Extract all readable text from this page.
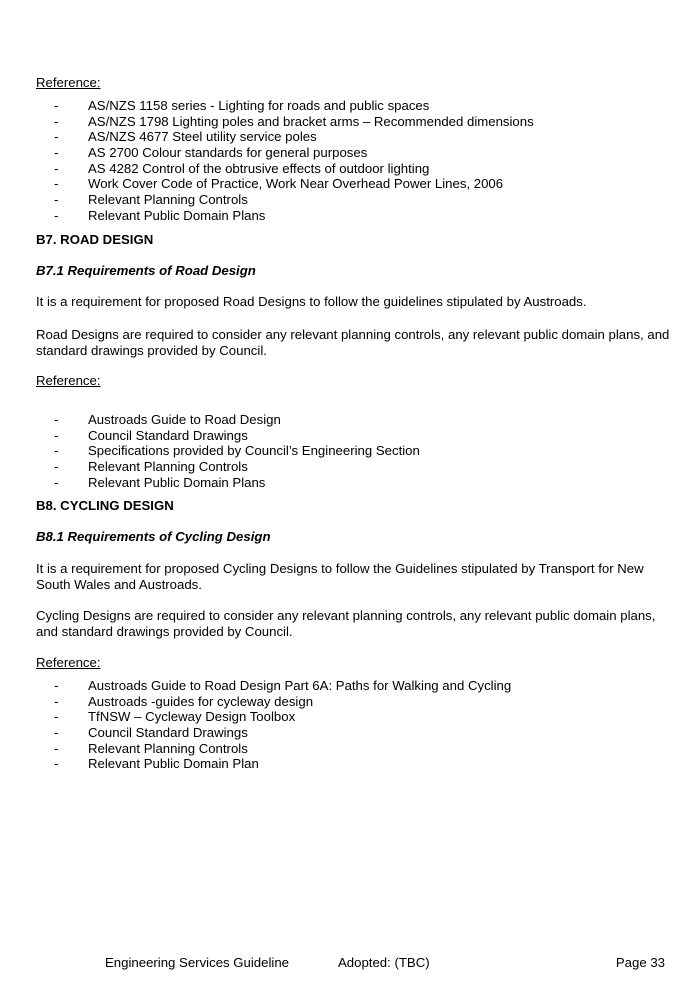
Reference:
- AS/NZS 1158 series - Lighting for roads and public spaces
- AS/NZS 1798 Lighting poles and bracket arms – Recommended dimensions
- AS/NZS 4677 Steel utility service poles
- AS 2700 Colour standards for general purposes
- AS 4282 Control of the obtrusive effects of outdoor lighting
- Work Cover Code of Practice, Work Near Overhead Power Lines, 2006
- Relevant Planning Controls
- Relevant Public Domain Plans
B7. ROAD DESIGN
B7.1 Requirements of Road Design

It is a requirement for proposed Road Designs to follow the guidelines stipulated by Austroads.

Road Designs are required to consider any relevant planning controls, any relevant public domain plans, and standard drawings provided by Council.

Reference:
- Austroads Guide to Road Design
- Council Standard Drawings
- Specifications provided by Council’s Engineering Section
- Relevant Planning Controls
- Relevant Public Domain Plans
B8. CYCLING DESIGN
B8.1 Requirements of Cycling Design

It is a requirement for proposed Cycling Designs to follow the Guidelines stipulated by Transport for New South Wales and Austroads.

Cycling Designs are required to consider any relevant planning controls, any relevant public domain plans, and standard drawings provided by Council.

Reference:
- Austroads Guide to Road Design Part 6A: Paths for Walking and Cycling
- Austroads -guides for cycleway design
- TfNSW – Cycleway Design Toolbox
- Council Standard Drawings
- Relevant Planning Controls
- Relevant Public Domain Plan
Engineering Services Guideline	Adopted: (TBC)	Page 33
